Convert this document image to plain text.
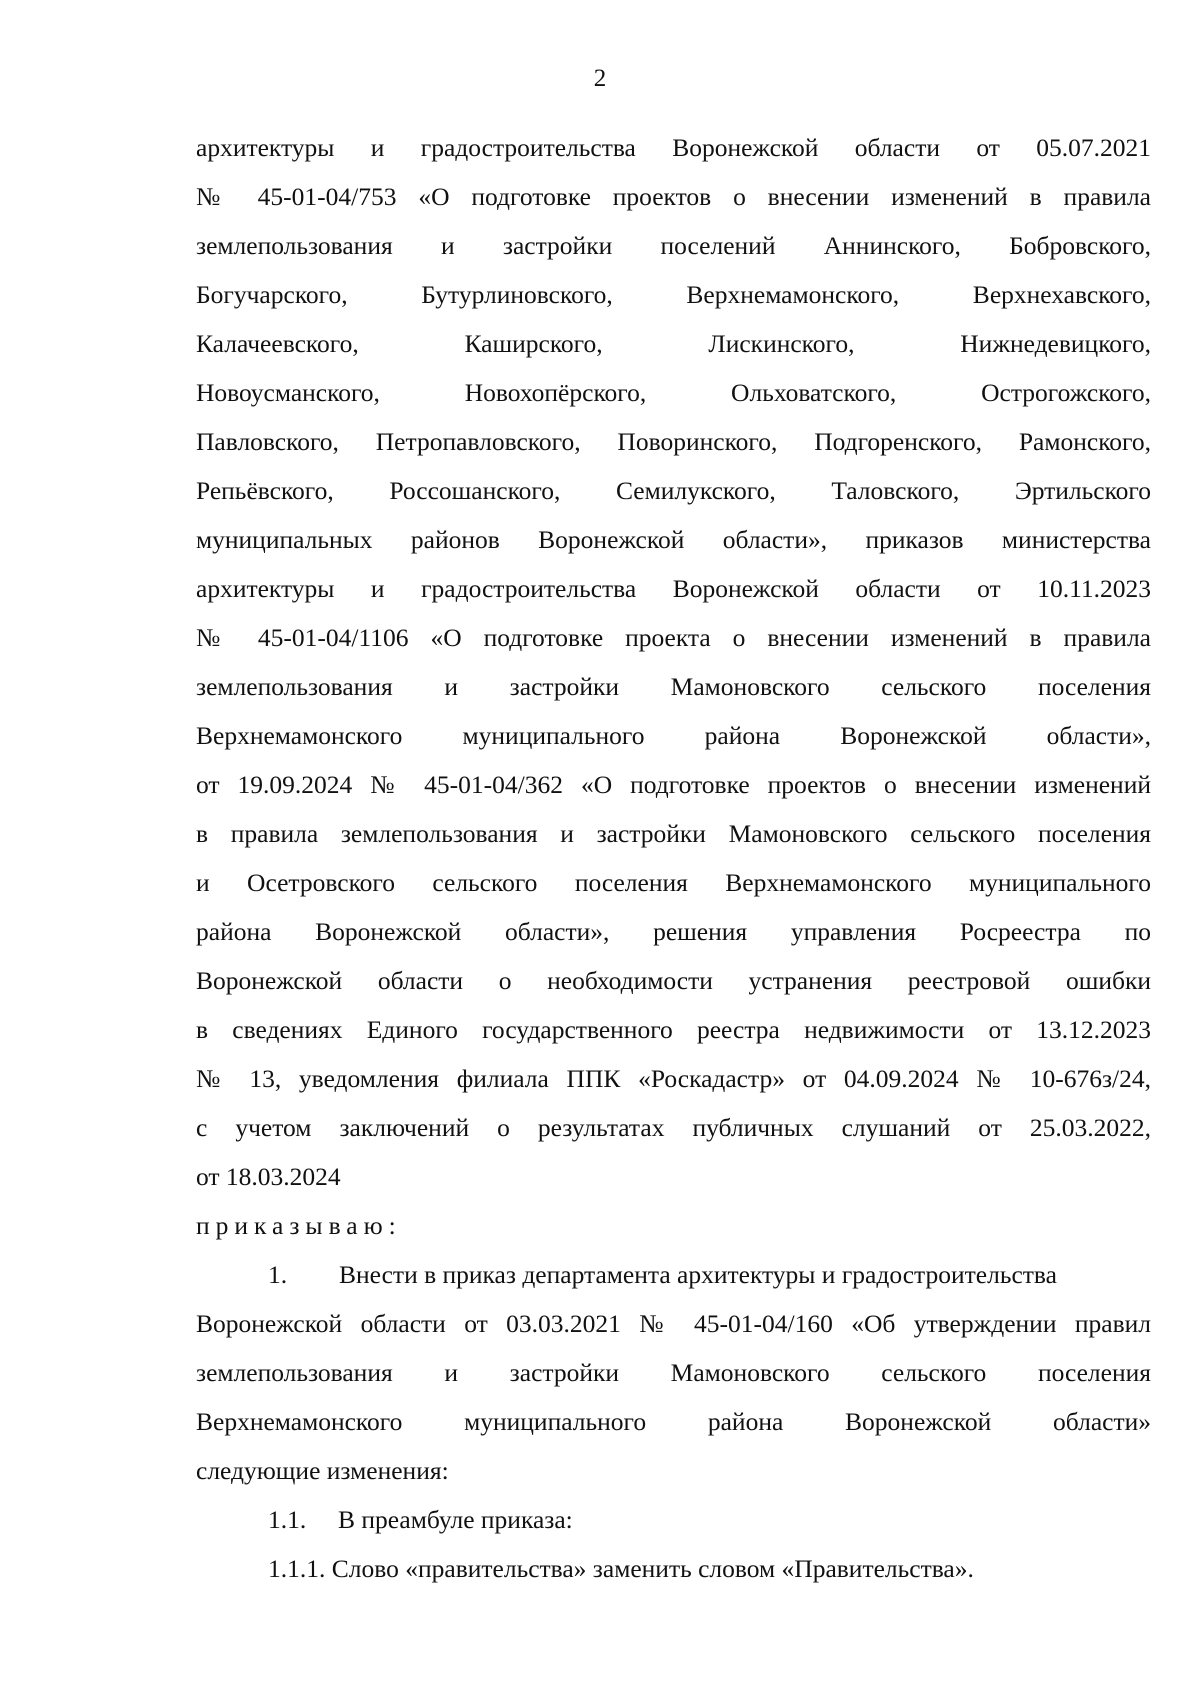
2
архитектуры и градостроительства Воронежской области от 05.07.2021
№ 45-01-04/753 «О подготовке проектов о внесении изменений в правила
землепользования и застройки поселений Аннинского, Бобровского,
Богучарского, Бутурлиновского, Верхнемамонского, Верхнехавского,
Калачеевского, Каширского, Лискинского, Нижнедевицкого,
Новоусманского, Новохопёрского, Ольховатского, Острогожского,
Павловского, Петропавловского, Поворинского, Подгоренского, Рамонского,
Репьёвского, Россошанского, Семилукского, Таловского, Эртильского
муниципальных районов Воронежской области», приказов министерства
архитектуры и градостроительства Воронежской области от 10.11.2023
№ 45-01-04/1106 «О подготовке проекта о внесении изменений в правила
землепользования и застройки Мамоновского сельского поселения
Верхнемамонского муниципального района Воронежской области»,
от 19.09.2024 № 45-01-04/362 «О подготовке проектов о внесении изменений
в правила землепользования и застройки Мамоновского сельского поселения
и Осетровского сельского поселения Верхнемамонского муниципального
района Воронежской области», решения управления Росреестра по
Воронежской области о необходимости устранения реестровой ошибки
в сведениях Единого государственного реестра недвижимости от 13.12.2023
№ 13, уведомления филиала ППК «Роскадастр» от 04.09.2024 № 10-676з/24,
с учетом заключений о результатах публичных слушаний от 25.03.2022,
от 18.03.2024

приказываю:

1. Внести в приказ департамента архитектуры и градостроительства
Воронежской области от 03.03.2021 № 45-01-04/160 «Об утверждении правил
землепользования и застройки Мамоновского сельского поселения
Верхнемамонского муниципального района Воронежской области»
следующие изменения:

1.1. В преамбуле приказа:

1.1.1. Слово «правительства» заменить словом «Правительства».
